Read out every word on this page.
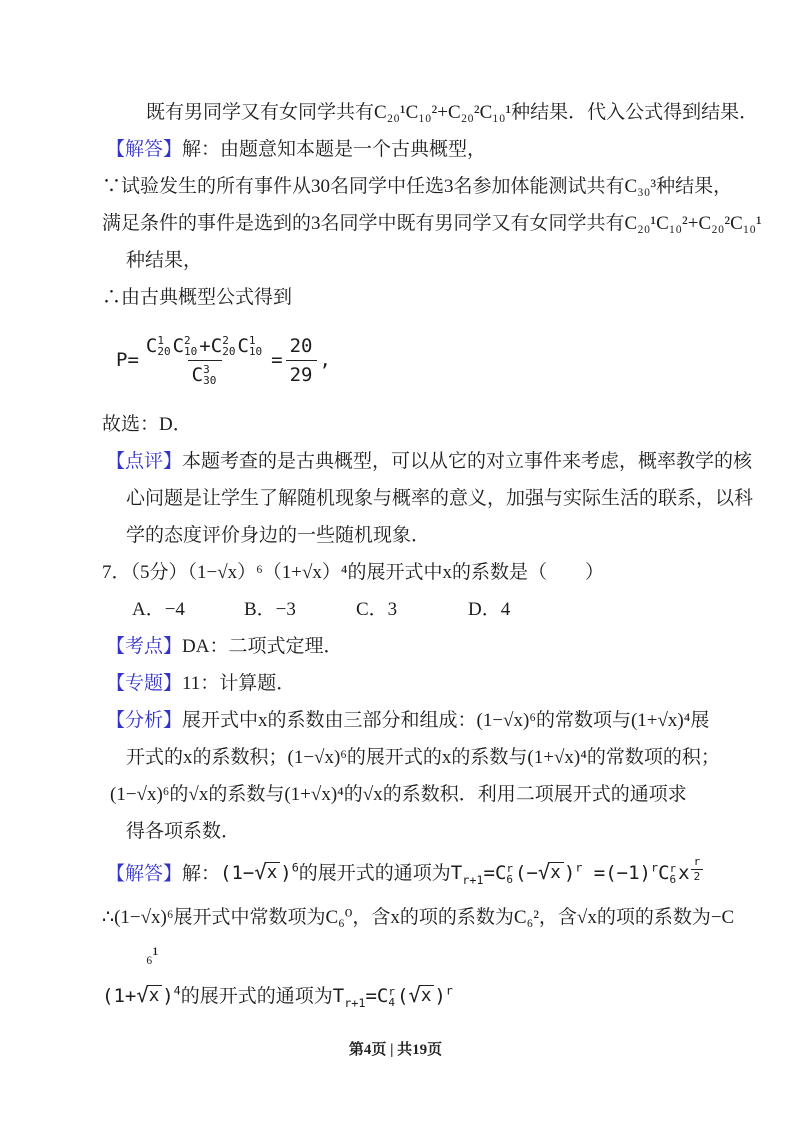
既有男同学又有女同学共有C₂₀¹C₁₀²+C₂₀²C₁₀¹种结果．代入公式得到结果．

【解答】解：由题意知本题是一个古典概型，

∵试验发生的所有事件从30名同学中任选3名参加体能测试共有C₃₀³种结果，

满足条件的事件是选到的3名同学中既有男同学又有女同学共有C₂₀¹C₁₀²+C₂₀²C₁₀¹

种结果，

∴由古典概型公式得到

P= C 1
20 C 2
10 + C 2
20 C 1
10
C 3
$30 = \frac{20}{29}$ ,

故选：D．

【点评】本题考查的是古典概型，可以从它的对立事件来考虑，概率教学的核

心问题是让学生了解随机现象与概率的意义，加强与实际生活的联系，以科

学的态度评价身边的一些随机现象．

7．（5分）（1−√x）⁶（1+√x）⁴的展开式中x的系数是（　　）

A．−4	B．−3	C．3	D．4

【考点】DA：二项式定理．

【专题】11：计算题．

【分析】展开式中x的系数由三部分和组成：(1−√x)⁶的常数项与(1+√x)⁴展

开式的x的系数积；(1−√x)⁶的展开式的x的系数与(1+√x)⁴的常数项的积；

(1−√x)⁶的√x的系数与(1+√x)⁴的√x的系数积．利用二项展开式的通项求

得各项系数．

【解答】解：(1− √ x )$^6$的展开式的通项为$T_{r+1}=C$ r
6 (− √ x )$^r =(-1)^rC$ r
6 x $\frac{r}{2}$

∴(1−√x)⁶展开式中常数项为C₆⁰，含x的项的系数为C₆²，含√x的项的系数为−C

₆¹

(1+ √ x )$^4$的展开式的通项为$T_{r+1}=C$ r
4 ( √ x )$^r$

第4页 | 共19页
